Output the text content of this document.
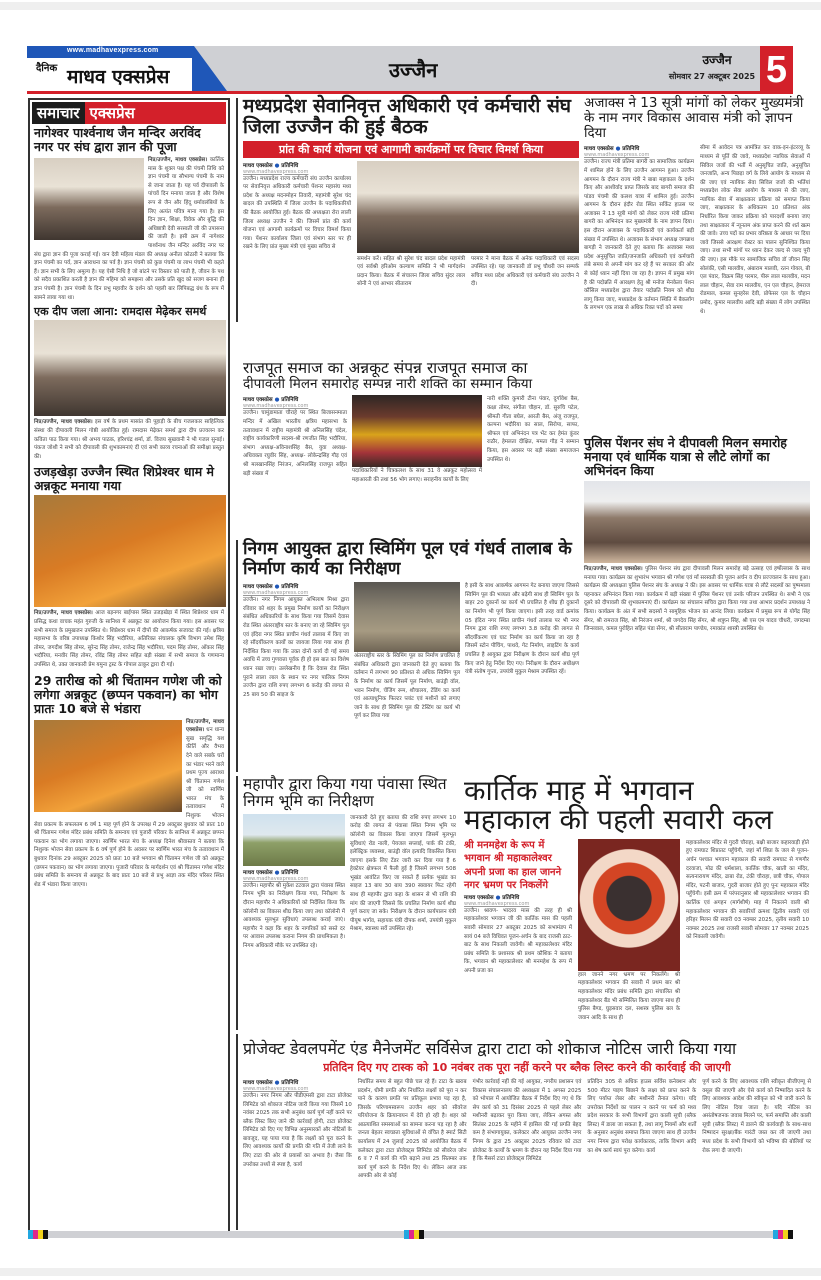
www.madhavexpress.com
दैनिक माधव एक्सप्रेस	उज्जैन	उज्जैन
सोमवार 27 अक्टूबर 2025 5
समाचार एक्सप्रेस
नागेश्वर पार्श्वनाथ जैन मन्दिर अरविंद नगर पर संघ द्वारा ज्ञान की पूजा
निप्र/उज्जैन, माधव एक्सप्रेस। कार्तिक मास के शुक्ल पक्ष की पंचमी तिथि को ज्ञान पंचमी या सौभाग्य पंचमी के नाम से जाना जाता है। यह पर्व दीपावली के पांचवें दिन मनाया जाता है और विशेष रूप से जैन और हिंदू धर्मावलंबियों के लिए अत्यंत पवित्र माना गया है। इस दिन ज्ञान, शिक्षा, विवेक और बुद्धि की अधिष्ठात्री देवी सरस्वती जी की उपासना की जाती है। इसी क्रम में नागेश्वर पार्श्वनाथ जैन मन्दिर अरविंद नगर पर संघ द्वारा ज्ञान की पूजा कराई गई। वान देवी महिला मंडल की अध्यक्ष अनीता कोठारी ने बताया कि ज्ञान पंचमी का पर्व, ज्ञान आराधना का पर्व है। ज्ञान पंचमी को कुछ पंचमी या लाभ पंचमी भी कहते हैं। ज्ञान सभी के लिए अमूल्य है। यह ऐसी निधि है जो बांटने पर विस्तार को पाती है, जीवन के पथ को सदैव प्रकाशित करती है ज्ञान की महिमा को समझना और उसके प्रति खुद को सजग बनाना ही ज्ञान पंचमी है। ज्ञान पंचमी के दिन प्रभु महावीर के दर्शन को पहली बार लिपिबद्ध ग्रंथ के रूप में सामने लाया गया था।
एक दीप जला आना: रामदास मेढ़ेकर समर्थ
निप्र/उज्जैन, माधव एक्सप्रेस। इस वर्ष के प्रथम मासांत की पूहाड़ी के बीच गजलकार साहित्यिक संस्था की दीपावली मिलन गोष्ठी आयोजित हुई। रामदास मेढ़ेकर समर्थ द्वारा दीप प्रज्वलन कर कविता पाठ किया गया। श्री अभय पाठक, हरिश्चंद्र शर्मा, डॉ. विजय सुखवानी ने भी गजल सुनाई। पंकज जोशी ने सभी को दीपावली की शुभकामनाएं दीं एवं सभी काव्य रचनाओं की समीक्षा प्रस्तुत की।
उजड़खेड़ा उज्जैन स्थित शिप्रेश्वर धाम मे अन्नकूट मनाया गया
निप्र/उज्जैन, माधव एक्सप्रेस। आज बड़नगर बाईपास स्थित उजड़खेड़ा में स्थित शिप्रेश्वर धाम में प्रसिद्ध कथा वाचक महंत गुरुजी के सानिध्य में अन्नकूट का आयोजन किया गया। इस अवसर पर सभी समाज के प्रमुखजन उपस्थित थे। शिप्रेश्वर धाम में दीपों की आकर्षक सजावट की गई। क्षत्रिय महासभा के वरिष्ठ उपाध्यक्ष किशोर सिंह भदौरिया, अतिरिक्त संचालक कृषि विभाग उमेश सिंह तोमर, जगदीश सिंह तोमर, सुरेन्द्र सिंह तोमर, राजेन्द्र सिंह भदौरिया, पदम सिंह तोमर, ओंकार सिंह भदौरिया, मनवीर सिंह तोमर, रविंद्र सिंह तोमर सहित बड़ी संख्या में सभी समाज के गणमान्य उपस्थित थे, उक्त जानकारी प्रेम यमुना ट्रस्ट के गोपाल ठाकुर द्वारा दी गई।
29 तारीख को श्री चिंतामन गणेश जी को लगेगा अन्नकूट (छप्पन पकवान) का भोग प्रातः 10 बजे से भंडारा
निप्र/उज्जैन, माधव एक्सप्रेस। धन धान्य सुख समृद्धि यश कीर्ति और वैभव देने वाले सबके घरों का भंडार भरने वाले प्रथम पूज्य आराध्य श्री चिंतामन गणेश जी को स्वर्णिम भारत मंच के तत्वावधान में निशुल्क भोजन सेवा प्रकल्प के सफलतम 6 वर्ष 1 माह पूर्ण होने के उपलक्ष में 29 अक्टूबर बुधवार को प्रातः 10 श्री चिंतामन गणेश मंदिर प्रबंध समिति के समन्वय एवं पुजारी परिवार के सानिध्य में अन्नकूट छप्पन पकवान का भोग लगाया जाएगा। स्वर्णिम भारत मंच के अध्यक्ष दिनेश श्रीवास्तव ने बताया कि निशुल्क भोजन सेवा प्रकल्प के 6 वर्ष पूर्ण होने के अवसर पर स्वर्णिम भारत मंच के तत्वावधान में बुधवार दिनांक 29 अक्टूबर 2025 को प्रातः 10 बजे भगवान श्री चिंतामन गणेश जी को अन्नकूट (छप्पन पकवान) का भोग लगाया जाएगा। पुजारी परिवार के मार्गदर्शन एवं श्री चिंतामन गणेश मंदिर प्रबंध समिति के समन्वय से अन्नकूट के बाद प्रातः 10 बजे से प्रभु आज्ञा तक मंदिर परिसर स्थित शेड में भंडारा किया जाएगा।
मध्यप्रदेश सेवानिवृत्त अधिकारी एवं कर्मचारी संघ जिला उज्जैन की हुई बैठक
प्रांत की कार्य योजना एवं आगामी कार्यक्रमों पर विचार विमर्श किया
माधव एक्सप्रेस ● प्रतिनिधि
www.madhavexpress.com
उज्जैन। मध्यप्रदेश राज्य कर्मचारी संघ उज्जैन कार्यालय पर सेवानिवृत्त अधिकारी कर्मचारी पेंशनर महासंघ मध्य प्रदेश के अध्यक्ष मदनमोहन तिवारी, महामंत्री सुरेश चंद बादल की उपस्थिति में जिला उज्जैन के पदाधिकारियों की बैठक आयोजित हुई। बैठक की अध्यक्षता रोरा लाली जिला अध्यक्ष उज्जैन ने की। जिसमें प्रांत की कार्य योजना एवं आगामी कार्यक्रमों पर विचार विमर्श किया गया। पेंशनर कार्यालय जिला एवं संभाग स्तर पर ही रखने के लिए प्रांत मुख्य मंत्री एवं मुख्य सचिव से
समर्थन करें। सहित श्री सुरेश चंद बादल प्रदेश महामंत्री एवं सर्वश्री हरिओम कल्याण समिति ने भी मार्गदर्शन प्रदान किया। बैठक में संचालन जिला सचिव सुंदर लाल सोनी ने एवं आभार सीताराम
परमार ने माना बैठक में अनेक पदाधिकारी एवं सदस्य उपस्थित रहे। यह जानकारी डॉ प्रभु चौधरी जन सम्पर्क सचिव मध्य प्रदेश अधिकारी एवं कर्मचारी संघ उज्जैन ने दी।
राजपूत समाज का अन्नकूट संपन्न राजपूत समाज का
दीपावली मिलन समारोह सम्पन्न नारी शक्ति का सम्मान किया
माधव एक्सप्रेस ● प्रतिनिधि
www.madhavexpress.com
उज्जैन। चामुंडामाता चौराहे पर स्थित बिजासनमाता मन्दिर में अखिल भारतीय क्षत्रिय महासभा के तत्वावधान में राष्ट्रीय महामंत्री श्री अनिलसिंह चंदेल, राष्ट्रीय कार्यकारिणी सदस्य-श्री रणजीत सिंह भदौरिया, संभाग अध्यक्ष-अविनाशसिंह बैस, युवा अध्यक्ष-अधिवक्ता रघुवीर सिंह, अध्यक्ष- लोकेन्द्रसिंह गौड़ एवं श्री मलखानसिंह निरंजन, अनिलसिंह राजपूत सहित बड़ी संख्या में	पदाधिकारियों ने चित्रकलश के साथ 31 वे अन्नकूट महोत्सव में महाआरती की तथा 56 भोग लगाए। सराहनीय कार्यों के लिए
नारी शक्ति कुमारी टीना पंवार, दुर्गावेश बैस, कक्षा तोमर, संगीता चौहान, डॉ. सुरुचि पटेल, श्रीमती गीता बघेल, आरती बैस, अंजू राजपूत, कल्पना भदौरिया का साल, सिरोपा, साफा, श्रीफल एवं अभिनंदन पत्र भेंट कर हेमंत कुंवर राठौर, हेमलता दीक्षित, ममता गौड़ ने सम्मान किया, इस अवसर पर बड़ी संख्या समाजजन उपस्थित थे।
निगम आयुक्त द्वारा स्विमिंग पूल एवं गंधर्व तालाब के निर्माण कार्य का निरीक्षण
माधव एक्सप्रेस ● प्रतिनिधि
www.madhavexpress.com
उज्जैन। नगर निगम आयुक्त अभिलाष मिश्रा द्वारा रविवार को शहर के प्रमुख निर्माण कार्यों का निरीक्षण संबंधित अधिकारियों के साथ किया गया जिसमें देवास रोड स्थित अंतरराष्ट्रीय स्तर के बनाए जा रहे स्विमिंग पूल एवं इंदिरा नगर स्थित प्राचीन गंधर्व तालाब में किए जा रहे सौंदर्यीकरण कार्यों का जायजा लिया गया साथ ही निर्देशित किया गया कि उक्त दोनों कार्य दी गई समय अवधि में उच्च गुणवत्ता पूर्वक ही हो इस बात का विशेष ध्यान रखा जाए। उल्लेखनीय है कि देवास रोड स्थित पुराने लाला लाल के स्थान पर नगर पालिक निगम उज्जैन द्वारा राशि रुपए लगभग 6 करोड़ की लागत से 25 बाय 50 की साइज के
अंतरराष्ट्रीय स्तर के स्विमिंग पूल का निर्माण प्रचलित है संबंधित अधिकारी द्वारा जानकारी देते हुए बताया कि वर्तमान में लगभग 90 प्रतिशत से अधिक स्विमिंग पूल के निर्माण का कार्य जिसमें पूल निर्माण, बाउंड्री वॉल, भवन निर्माण, चेंजिंग रूम, शौचालय, टेंडिंग का कार्य एवं आत्याधुनिक फिल्टर प्लांट एवं मशीनों को लगाए जाने के साथ ही स्विमिंग पूल की टेस्टिंग का कार्य भी पूर्ण कर लिया गया
है इसी के साथ आकर्षक आगमन गेट बनाया जाएगा जिससे स्विमिंग पूल की भव्यता और बढ़ेगी साथ ही स्विमिंग पूल के बाहर 20 दुकानों का कार्य भी प्रचलित है शीघ्र ही दुकानों का निर्माण भी पूर्ण किया जाएगा। इसी तरह वार्ड क्रमांक 05 इंदिरा नगर स्थित प्राचीन गंधर्व तालाब पर भी नगर निगम द्वारा राशि रुपए लगभग 3.8 करोड़ की लागत से सौंदर्यीकरण एवं घाट निर्माण का कार्य किया जा रहा है जिसमें स्टोन पीचिंग, पाथवे, गेट निर्माण, लाइटिंग के कार्य प्रचलित है आयुक्त द्वारा निरीक्षण के दौरान कार्य शीघ्र पूर्ण किए जाने हेतु निर्देश दिए गए। निरीक्षण के दौरान अधीक्षण यंत्री संतोष गुप्ता, उपयंत्री मुकुल मेश्राम उपस्थित रहें।
महापौर द्वारा किया गया पंवासा स्थित निगम भूमि का निरीक्षण
माधव एक्सप्रेस ● प्रतिनिधि
www.madhavexpress.com
उज्जैन। महापौर श्री मुकेश टटवाल द्वारा पंवासा स्थित निगम भूमि का निरीक्षण किया गया, निरीक्षण के दौरान महापौर ने अधिकारियों को निर्देशित किया कि कॉलोनी का विकास शीघ्र किया जाए तथा कॉलोनी में आवश्यक मूलभूत सुविधाएं उपलब्ध कराई जाएं। महापौर ने कहा कि शहर के नागरिकों को सस्ते दर पर आवास उपलब्ध कराना निगम की प्राथमिकता है। निगम अधिकारी मौके पर उपस्थित रहे।
जानकारी देते हुए बताया की राशि रुपए लगभग 10 करोड़ की लागत से पंवासा स्थित निगम भूमि पर कॉलोनी का विकास किया जाएगा जिसमें मूलभूत सुविधाएं रोड नाली, पेयजल सप्लाई, पार्क की टंकी, इलेक्ट्रिक व्यवस्था, बाउंड्री वॉल इत्यादि विकसित किया जाएगा इसके लिए टेंडर जारी कर दिया गया है 6 हेक्टेयर क्षेत्रफल में फैली हुई है जिसमें लगभग 508 भूखंड आवंटित किए जा सकते हैं प्रत्येक भूखंड का साइज 13 बाय 30 बाय 390 स्क्वायर फिट रहेगी साथ ही महापौर द्वारा कहा के शासन से भी राशि की मांग की जाएगी जिससे कि प्रचलित निर्माण कार्य शीघ्र पूर्ण कराए जा सके। निरीक्षण के दौरान कार्यपालन यंत्री पीयूष भार्गव, सहायक यंत्री दीपक शर्मा, उपयंत्री मुकुल मेश्राम, स्वास्थ्य सर्वे उपस्थित रहे।
कार्तिक माह में भगवान
महाकाल की पहली सवारी कल
श्री मनमहेश के रूप में भगवान श्री महाकालेश्वर अपनी प्रजा का हाल जानने नगर भ्रमण पर निकलेंगे
माधव एक्सप्रेस ● प्रतिनिधि
www.madhavexpress.com
उज्जैन। श्रावण- भादरव मास की तरह ही श्री महाकालेश्वर भगवान जी की कार्तिक मास की पहली सवारी सोमवार 27 अक्टूबर 2025 को सभामंडप में सायं 04 बजे विधिवत पूजन-अर्चन के बाद राजसी ठाट-बाट के साथ निकाली जावेगी। श्री महाकालेश्वर मंदिर प्रबंध समिति के प्रशासक श्री प्रथम कौशिक ने बताया कि, भगवान श्री महाकालेश्वर श्री मनमहेश के रूप में अपनी प्रजा का
हाल जानने नगर भ्रमण पर निकलेंगे। श्री महाकालेश्वर भगवान की सवारी में प्रथम बार श्री महाकालेश्वर मंदिर प्रबंध समिति द्वारा संचालित श्री महाकालेश्वर बैंड भी सम्मिलित किया जाएगा साथ ही पुलिस बैण्ड, घुड़सवार दल, सशस्त्र पुलिस बल के जवान आदि के साथ ही
महाकालेश्वर मंदिर से गुदरी चौराहा, बक्षी बाजार कहारवाड़ी होते हुए रामघाट शिप्रातट पहुँचेगी, जहां माँ शिप्रा के जल से पूजन-अर्चन पश्चात भगवान महाकाल की सवारी रामघाट से गणगौर दरवाजा, मोढ की धर्मशाला, कार्तिक चौक, खाती का मंदिर, सत्यनारायण मंदिर, ढाबा रोड, टंकी चौराहा, छत्री चौक, गोपाल मंदिर, पटनी बाजार, गुदरी बाजार होते हुए पुनः महाकाल मंदिर पहुँचेगी। इसी क्रम में परंपरानुसार श्री महाकालेश्वर भगवान की कार्तिक एवं अगहन (मार्गशीर्ष) माह में निकलने वाली श्री महाकालेश्वर भगवान की सवारियाँ क्रमशः द्वितीय सवारी एवं हरिहर मिलन की सवारी 03 नवम्बर 2025, तृतीय सवारी 10 नवम्बर 2025 तथा राजसी सवारी सोमवार 17 नवम्बर 2025 को निकाली जावेगी।
अजाक्स ने 13 सूत्री मांगों को लेकर मुख्यमंत्री के नाम नगर विकास आवास मंत्री को ज्ञापन दिया
माधव एक्सप्रेस ● प्रतिनिधि
www.madhavexpress.com
उज्जैन। राज्य मंत्री प्रतिमा बागरी का सामाजिक कार्यक्रम में शामिल होने के लिए उज्जैन आगमन हुआ। उज्जैन आगमन के दौरान राज्य मंत्री ने बाबा महाकाल के दर्शन किए और आशीर्वाद प्राप्त जिसके बाद बागरी समाज की पांडव पंचमी की कलश यात्रा में शामिल हुई। उज्जैन आगमन के दौरान इंदौर रोड स्थित सर्किट हाउस पर अजाक्स ने 13 सूत्री मांगों को लेकर राज्य मंत्री प्रतिमा बागरी का अभिनंदन कर मुख्यमंत्री के नाम ज्ञापन दिया। इस दौरान अजाक्स के पदाधिकारी एवं कार्यकर्ता बड़ी संख्या में उपस्थित थे। अजाक्स के संभाग अध्यक्ष जगन्नाथ बागड़ी ने जानकारी देते हुए बताया कि अजाक्स मध्य प्रदेश अनुसूचित जाति/जनजाति अधिकारी एवं कर्मचारी लंबे समय से अपनी मांग कर रहे हैं पर सरकार की ओर से कोई ध्यान नहीं दिया जा रहा है। ज्ञापन में प्रमुख मांग है की पदोन्नति में आरक्षण हेतु श्री मनोज मेनकेला पेंशन कौंसिल मध्यप्रदेश द्वारा तैयार पदोन्नति नियम को शीघ्र लागू किया जाए, मध्यप्रदेश के वर्तमान स्थिति में बैकलॉग के लगभग एक लाख से अधिक रिक्त पदों को समय
सीमा में आवेदन पत्र आमंत्रित कर वाक-इन-इंटरव्यू के माध्यम से पूर्ति की जावे, मध्यप्रदेश न्यायिक सेवाओं में सिविल जजों की भर्ती में अनुसूचित जाति, अनुसूचित जनजाति, अन्य पिछड़ा वर्ग के लिये आयोग के माध्यम से की जाए एवं न्यायिक सेवा सिविल जजों की भर्तियां मध्यप्रदेश लोक सेवा आयोग के माध्यम से की जाए, न्यायिक सेवा में साक्षात्कार प्रक्रिया को समाप्त किया जाए, साक्षात्कार के अधिकतम 10 प्रतिशत अंक निर्धारित किया जाकर प्रक्रिया को पारदर्शी बनाया जाए तथा साक्षात्कार में न्यूनतम अंक प्राप्त करने की शर्त खत्म की जावे। उच्च पदों का प्रभार वरिष्ठता के आधार पर दिया जावे जिससे आरक्षण रोस्टर का पालन सुनिश्चित किया जाए। तथा सभी मांगों पर ध्यान देकर जल्द से जल्द पूरी की जाए। इस मौके पर सामाजिक सचिव डॉ जीवन सिंह सोलंकी, एसी मालवीय, अंबाराम मालवी, रतन गोयल, बी एल पंवार, विक्रम सिंह परमार, पीरू लाल मालवीय, मदन लाल चौहान, सेवा राम मालवीय, एन एल चौहान, हेमराज रोडमाल, कमल सुनहरेस देवी, प्रोफेसर एल के चौहान प्रमोद, कुमार मालवीय आदि बड़ी संख्या में लोग उपस्थित थे।
पुलिस पेंशनर संघ ने दीपावली मिलन समारोह मनाया एवं धार्मिक यात्रा से लौटे लोगों का अभिनंदन किया
निप्र/उज्जैन, माधव एक्सप्रेस। पुलिस पेंशनर संघ द्वारा दीपावली मिलन समारोह बड़े उत्साह एवं हर्षोल्लास के साथ मनाया गया। कार्यक्रम का शुभारंभ भगवान श्री गणेश एवं माँ सरस्वती की पूजन अर्चन व दीप प्रज्ज्वलन के साथ हुआ। कार्यक्रम की अध्यक्षता पुलिस पेंशनर संघ के अध्यक्ष ने की। इस अवसर पर धार्मिक यात्रा से लौटे सदस्यों का पुष्पमाला पहनाकर अभिनंदन किया गया। कार्यक्रम में बड़ी संख्या में पुलिस पेंशनर एवं उनके परिजन उपस्थित थे। सभी ने एक दूसरे को दीपावली की शुभकामनाएं दीं। कार्यक्रम का संचालन सचिव द्वारा किया गया तथा आभार प्रदर्शन उपाध्यक्ष ने किया। कार्यक्रम के अंत में सभी सदस्यों ने सामूहिक भोजन का आनंद लिया। कार्यक्रम में प्रमुख रूप से योगेंद्र सिंह सेंगर, श्री रामराज सिंह, श्री निरंजन शर्मा, श्री जगदेव सिंह सेंगर, श्री शत्रुघ्न सिंह, श्री एस एम यादव चौधरी, जगदम्बा जिन्सवाल, कमल पुरोहित सहित पंडा सेंगर, श्री सीताराम पाण्डेय, रमाकांत शास्त्री उपस्थित थे।
प्रोजेक्ट डेवलपमेंट एंड मैनेजमेंट सर्विसेज द्वारा टाटा को शोकाज नोटिस जारी किया गया
प्रतिदिन दिए गए टास्क को 10 नवंबर तक पूरा नहीं करने पर ब्लैक लिस्ट करने की कार्रवाई की जाएगी
माधव एक्सप्रेस ● प्रतिनिधि
www.madhavexpress.com
उज्जैन। नगर निगम और पीडीएमसी द्वारा टाटा प्रोजेक्ट लिमिटेड को शोकाज नोटिस जारी किया गया जिसमें 10 नवंबर 2025 तक सभी अनुबंध कार्य पूर्ण नहीं करने पर ब्लैक लिस्ट किए जाने की कार्रवाई होगी, टाटा प्रोजेक्ट लिमिटेड को दिए गए विभिन्न अनुस्मारकों और नोटिसों के बावजूद, यह पाया गया है कि लक्ष्यों को पूरा करने के लिए आवश्यक कार्यों की प्रगति की गति में तेजी लाने के लिए टाटा की ओर से प्रयासों का अभाव है। जैसा कि उपरोक्त तथ्यों से स्पष्ट है, कार्य
निर्धारित समय से बहुत पीछे चल रहे हैं। टाटा के खराब प्रदर्शन, धीमी प्रगति और निर्धारित लक्ष्यों को पूरा न कर पाने के कारण प्रगति पर प्रतिकूल प्रभाव पड़ रहा है, जिसके परिणामस्वरूप उज्जैन शहर को सीवरेज परियोजना के क्रियान्वयन में देरी हो रही है। शहर को अप्रत्याशित समस्याओं का सामना करना पड़ रहा है और जनता बेहतर स्वच्छता सुविधाओं से वंचित है स्मार्ट सिटी कार्यालय में 24 जुलाई 2025 को आयोजित बैठक में कलेक्टर द्वारा टाटा प्रोजेक्ट्स लिमिटेड को सीवरेज जोन 6 व 7 में कार्य की गति बढ़ाने तथा 25 सितम्बर तक कार्य पूर्ण करने के निर्देश दिए थे। लेकिन आज तक आपकी ओर से कोई
गंभीर कार्रवाई नहीं की गई आयुक्त, नगरीय प्रशासन एवं विकास संचालनालय की अध्यक्षता में 1 अगस्त 2025 को भोपाल में आयोजित बैठक में निर्देश दिए गए थे कि सेप कार्य को 31 दिसंबर 2025 से पहले लेबर और मशीनरी बढ़ाकर पूरा किया जाए, लेकिन अगस्त और सितंबर 2025 के महीने में हासिल की गई प्रगति बेहद कम है संभागायुक्त, कलेक्टर और आयुक्त उज्जैन नगर निगम के द्वारा 25 अक्टूबर 2025 रविवार को टाटा प्रोजेक्ट के कार्यों के भ्रमण के दौरान यह निर्देश दिया गया है कि मैसर्स टाटा प्रोजेक्ट्स लिमिटेड
प्रतिदिन 305 से अधिक हाउस सर्विस कनेक्शन और 500 मीटर पाइप बिछाने के लक्ष्य को प्राप्त करने के लिए पर्याप्त लेबर और मशीनरी तैनात करेगा। यदि उपरोक्त निर्देशों का पालन न करने पर फर्म को मध्य प्रदेश सरकार के सभी विभागों द्वारा काली सूची (ब्लैक लिस्ट) में डाला जा सकता है, तथा लागू नियमों और शर्तों के अनुसार अनुबंध समाप्त किया जाएगा साथ ही उज्जैन नगर निगम द्वारा परोक्ष कार्यकारक, ताकि विभाग आदि का शेष कार्य स्वयं पूरा करेगा। कार्य
पूर्ण करने के लिए आवश्यक राशि स्वीकृत बीजीएम्यू से वसूल की जाएगी और ऐसे कार्य को निष्पादित करने के लिए आवश्यक आदेश की स्वीकृत को भी जारी करने के लिए नोटिस दिया जाता है। यदि नोटिस का असंतोषजनक जवाब मिलने पर, फर्म समाप्ति और काली सूची (ब्लैक लिस्ट) में डालने की कार्यवाही के साथ-साथ निष्पादन सुरक्षा/बैंक गारंटी जब्त कर ली जाएगी तथा मध्य प्रदेश के सभी विभागों को भविष्य की बोलियों पर रोक लगा दी जाएगी।
